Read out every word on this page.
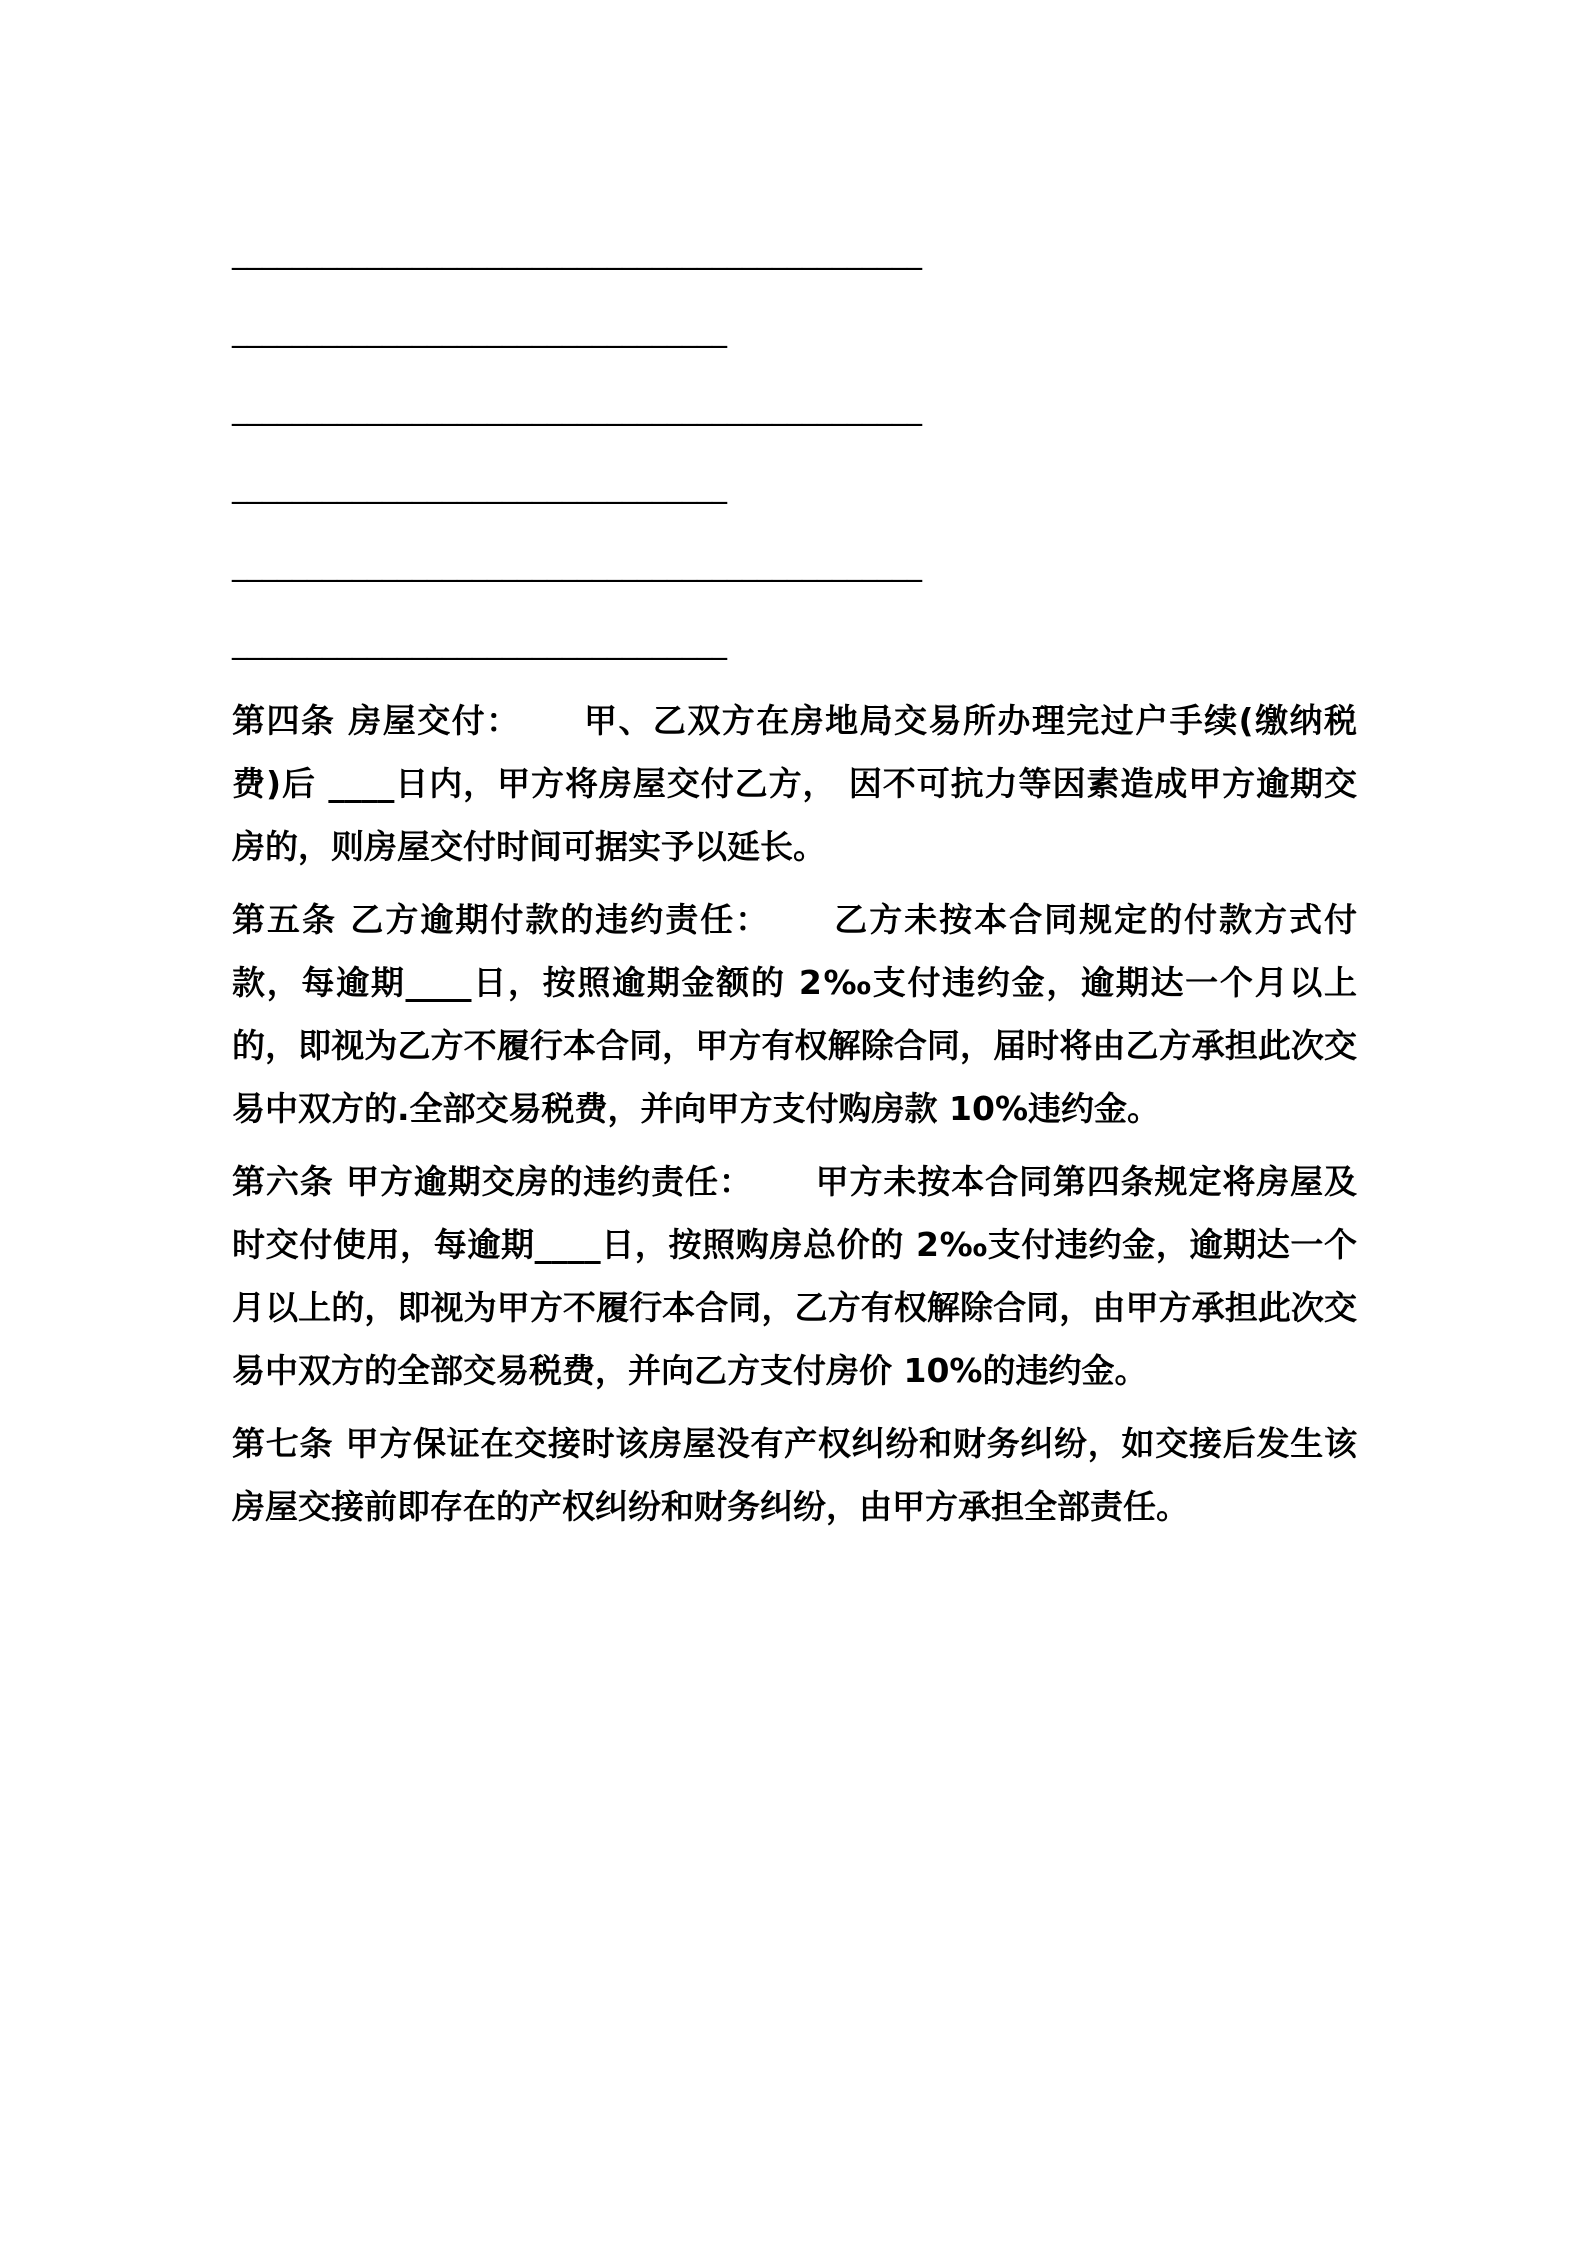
______________________________________________
_________________________________
______________________________________________
_________________________________
______________________________________________
_________________________________

第四条 房屋交付： 甲、乙双方在房地局交易所办理完过户手续(缴纳税费)后 ____日内，甲方将房屋交付乙方， 因不可抗力等因素造成甲方逾期交房的，则房屋交付时间可据实予以延长。

第五条 乙方逾期付款的违约责任： 乙方未按本合同规定的付款方式付款，每逾期____日，按照逾期金额的 2‰支付违约金，逾期达一个月以上的，即视为乙方不履行本合同，甲方有权解除合同，届时将由乙方承担此次交易中双方的.全部交易税费，并向甲方支付购房款 10%违约金。

第六条 甲方逾期交房的违约责任： 甲方未按本合同第四条规定将房屋及时交付使用，每逾期____日，按照购房总价的 2‰支付违约金，逾期达一个月以上的，即视为甲方不履行本合同，乙方有权解除合同，由甲方承担此次交易中双方的全部交易税费，并向乙方支付房价 10%的违约金。

第七条 甲方保证在交接时该房屋没有产权纠纷和财务纠纷，如交接后发生该房屋交接前即存在的产权纠纷和财务纠纷，由甲方承担全部责任。
